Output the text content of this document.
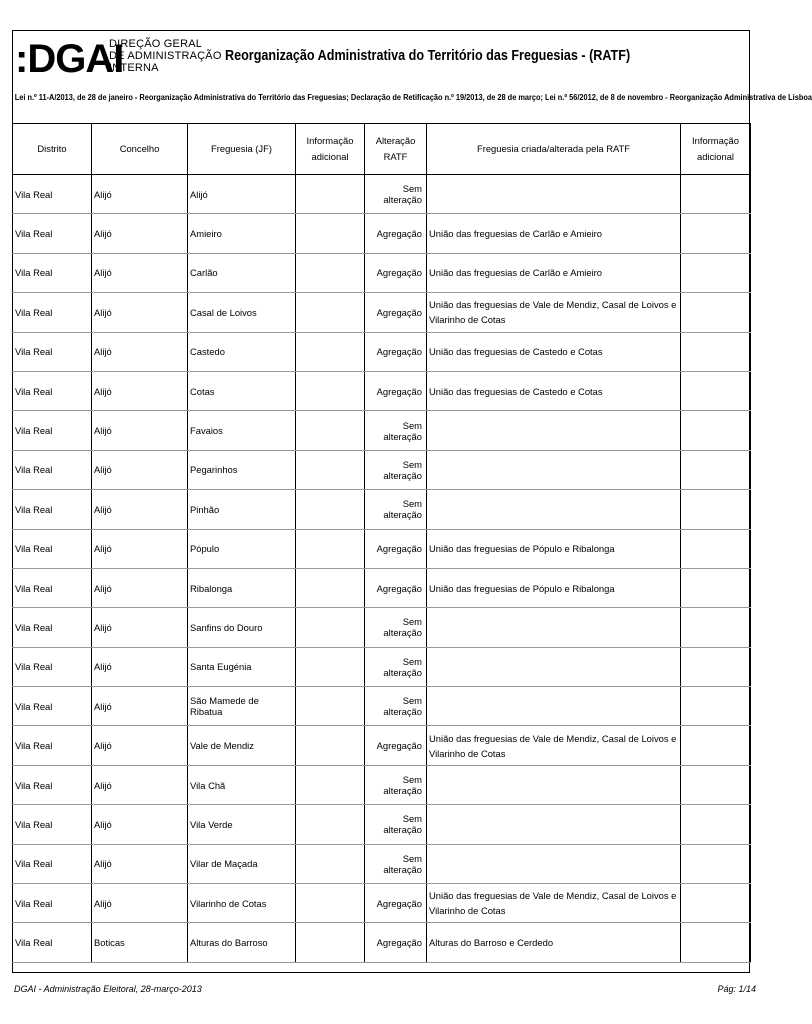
:DGAI
DIREÇÃO GERAL
DE ADMINISTRAÇÃO
INTERNA
Reorganização Administrativa do Território das Freguesias - (RATF)
Lei n.º 11-A/2013, de 28 de janeiro - Reorganização Administrativa do Território das Freguesias; Declaração de Retificação n.º 19/2013, de 28 de março; Lei n.º 56/2012, de 8 de novembro - Reorganização Administrativa de Lisboa
Distrito	Concelho	Freguesia (JF)	Informação adicional	Alteração RATF	Freguesia criada/alterada pela RATF	Informação adicional
Vila Real	Alijó	Alijó		Sem alteração		
Vila Real	Alijó	Amieiro		Agregação	União das freguesias de Carlão e Amieiro	
Vila Real	Alijó	Carlão		Agregação	União das freguesias de Carlão e Amieiro	
Vila Real	Alijó	Casal de Loivos		Agregação	União das freguesias de Vale de Mendiz, Casal de Loivos e Vilarinho de Cotas	
Vila Real	Alijó	Castedo		Agregação	União das freguesias de Castedo e Cotas	
Vila Real	Alijó	Cotas		Agregação	União das freguesias de Castedo e Cotas	
Vila Real	Alijó	Favaios		Sem alteração		
Vila Real	Alijó	Pegarinhos		Sem alteração		
Vila Real	Alijó	Pinhão		Sem alteração		
Vila Real	Alijó	Pópulo		Agregação	União das freguesias de Pópulo e Ribalonga	
Vila Real	Alijó	Ribalonga		Agregação	União das freguesias de Pópulo e Ribalonga	
Vila Real	Alijó	Sanfins do Douro		Sem alteração		
Vila Real	Alijó	Santa Eugénia		Sem alteração		
Vila Real	Alijó	São Mamede de Ribatua		Sem alteração		
Vila Real	Alijó	Vale de Mendiz		Agregação	União das freguesias de Vale de Mendiz, Casal de Loivos e Vilarinho de Cotas	
Vila Real	Alijó	Vila Chã		Sem alteração		
Vila Real	Alijó	Vila Verde		Sem alteração		
Vila Real	Alijó	Vilar de Maçada		Sem alteração		
Vila Real	Alijó	Vilarinho de Cotas		Agregação	União das freguesias de Vale de Mendiz, Casal de Loivos e Vilarinho de Cotas	
Vila Real	Boticas	Alturas do Barroso		Agregação	Alturas do Barroso e Cerdedo	
DGAI - Administração Eleitoral, 28-março-2013	Pág: 1/14
